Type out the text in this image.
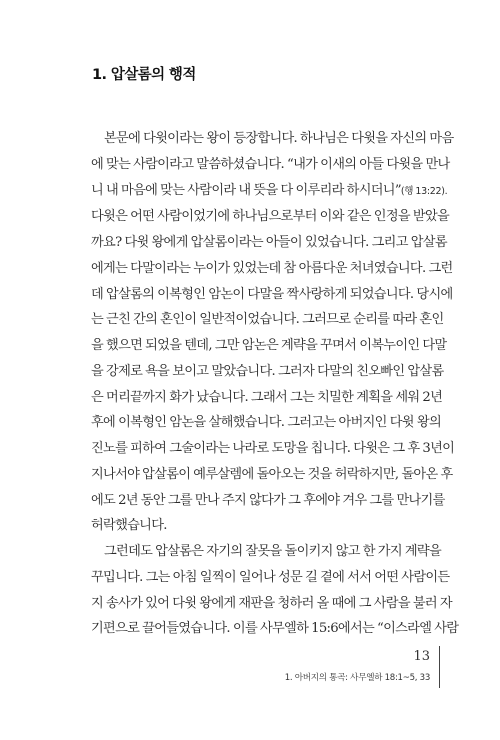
1. 압살롬의 행적

본문에 다윗이라는 왕이 등장합니다. 하나님은 다윗을 자신의 마음
에 맞는 사람이라고 말씀하셨습니다. “내가 이새의 아들 다윗을 만나
니 내 마음에 맞는 사람이라 내 뜻을 다 이루리라 하시더니”(행 13:22).
다윗은 어떤 사람이었기에 하나님으로부터 이와 같은 인정을 받았을
까요? 다윗 왕에게 압살롬이라는 아들이 있었습니다. 그리고 압살롬
에게는 다말이라는 누이가 있었는데 참 아름다운 처녀였습니다. 그런
데 압살롬의 이복형인 암논이 다말을 짝사랑하게 되었습니다. 당시에
는 근친 간의 혼인이 일반적이었습니다. 그러므로 순리를 따라 혼인
을 했으면 되었을 텐데, 그만 암논은 계략을 꾸며서 이복누이인 다말
을 강제로 욕을 보이고 말았습니다. 그러자 다말의 친오빠인 압살롬
은 머리끝까지 화가 났습니다. 그래서 그는 치밀한 계획을 세워 2년
후에 이복형인 암논을 살해했습니다. 그러고는 아버지인 다윗 왕의
진노를 피하여 그술이라는 나라로 도망을 칩니다. 다윗은 그 후 3년이
지나서야 압살롬이 예루살렘에 돌아오는 것을 허락하지만, 돌아온 후
에도 2년 동안 그를 만나 주지 않다가 그 후에야 겨우 그를 만나기를
허락했습니다.

그런데도 압살롬은 자기의 잘못을 돌이키지 않고 한 가지 계략을
꾸밉니다. 그는 아침 일찍이 일어나 성문 길 곁에 서서 어떤 사람이든
지 송사가 있어 다윗 왕에게 재판을 청하러 올 때에 그 사람을 불러 자
기편으로 끌어들였습니다. 이를 사무엘하 15:6에서는 “이스라엘 사람

13
1. 아버지의 통곡: 사무엘하 18:1~5, 33
